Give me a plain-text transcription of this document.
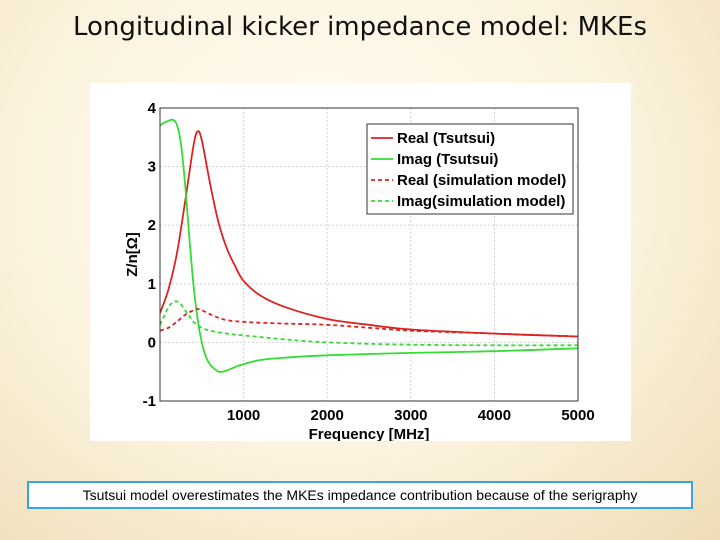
Longitudinal kicker impedance model: MKEs
1000	2000	3000	4000	5000
-1
0
1
2
3
4
Frequency [MHz]
Z/n[Ω]
Real (Tsutsui)
Imag (Tsutsui)
Real (simulation model)
Imag(simulation model)
Tsutsui model overestimates the MKEs impedance contribution because of the serigraphy
